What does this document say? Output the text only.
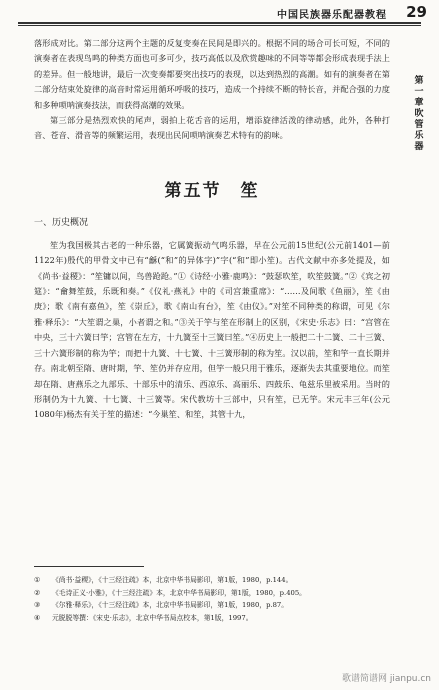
中国民族器乐配器教程 29
第一章 吹管乐器

落形成对比。第二部分这两个主题的反复变奏在民间是即兴的。根据不同的场合可长可短，不同的演奏者在表现鸟鸣的种类方面也可多可少，技巧高低以及欣赏趣味的不同等等都会形成表现手法上的差异。但一般地讲，最后一次变奏都要突出技巧的表现，以达到热烈的高潮。如有的演奏者在第二部分结束处旋律的高音时常运用循环呼吸的技巧，造成一个持续不断的特长音，并配合强的力度和多种唢呐演奏技法，而获得高潮的效果。

第三部分是热烈欢快的尾声，弱拍上花舌音的运用，增添旋律活泼的律动感，此外，各种打音、苍音、滑音等的频繁运用，表现出民间唢呐演奏艺术特有的韵味。

第五节　笙
一、历史概况

笙为我国极其古老的一种乐器，它属簧振动气鸣乐器，早在公元前15世纪(公元前1401—前1122年)殷代的甲骨文中已有“龢(“和”的异体字)”字(“和”即小笙)。古代文献中亦多处提及，如《尚书·益稷》：“笙镛以间，鸟兽跄跄。”①《诗经·小雅·鹿鸣》：“鼓瑟吹笙，吹笙鼓簧。”②《宾之初筵》：“龠舞笙鼓，乐既和奏。”《仪礼·燕礼》中的《司宫兼重席》：“……及间歌《鱼丽》，笙《由庚》；歌《南有嘉鱼》，笙《崇丘》，歌《南山有台》，笙《由仪》。”对笙不同种类的称谓，可见《尔雅·释乐》：“大笙谓之巢，小者谓之和。”③关于竽与笙在形制上的区别，《宋史·乐志》曰：“宫管在中央，三十六簧曰竽；宫管在左方，十九簧至十三簧曰笙。”④历史上一般把二十二簧、二十三簧、三十六簧形制的称为竽；而把十九簧、十七簧、十三簧形制的称为笙。汉以前，笙和竽一直长期并存。南北朝至隋、唐时期，竽、笙仍并存应用，但竽一般只用于雅乐，逐渐失去其重要地位。而笙却在隋、唐燕乐之九部乐、十部乐中的清乐、西凉乐、高丽乐、四鼓乐、龟兹乐里被采用。当时的形制仍为十九簧、十七簧、十三簧等。宋代教坊十三部中，只有笙，已无竽。宋元丰三年(公元1080年)杨杰有关于笙的描述：“今巢笙、和笙，其管十九，

① 《尚书·益稷》，《十三经注疏》本，北京中华书局影印，第1版，1980，p.144。
② 《毛诗正义·小雅》，《十三经注疏》本，北京中华书局影印，第1版，1980，p.405。
③ 《尔雅·释乐》，《十三经注疏》本，北京中华书局影印，第1版，1980，p.87。
④ 元脱脱等撰：《宋史·乐志》，北京中华书局点校本，第1版，1997。
歌谱简谱网 jianpu.cn
